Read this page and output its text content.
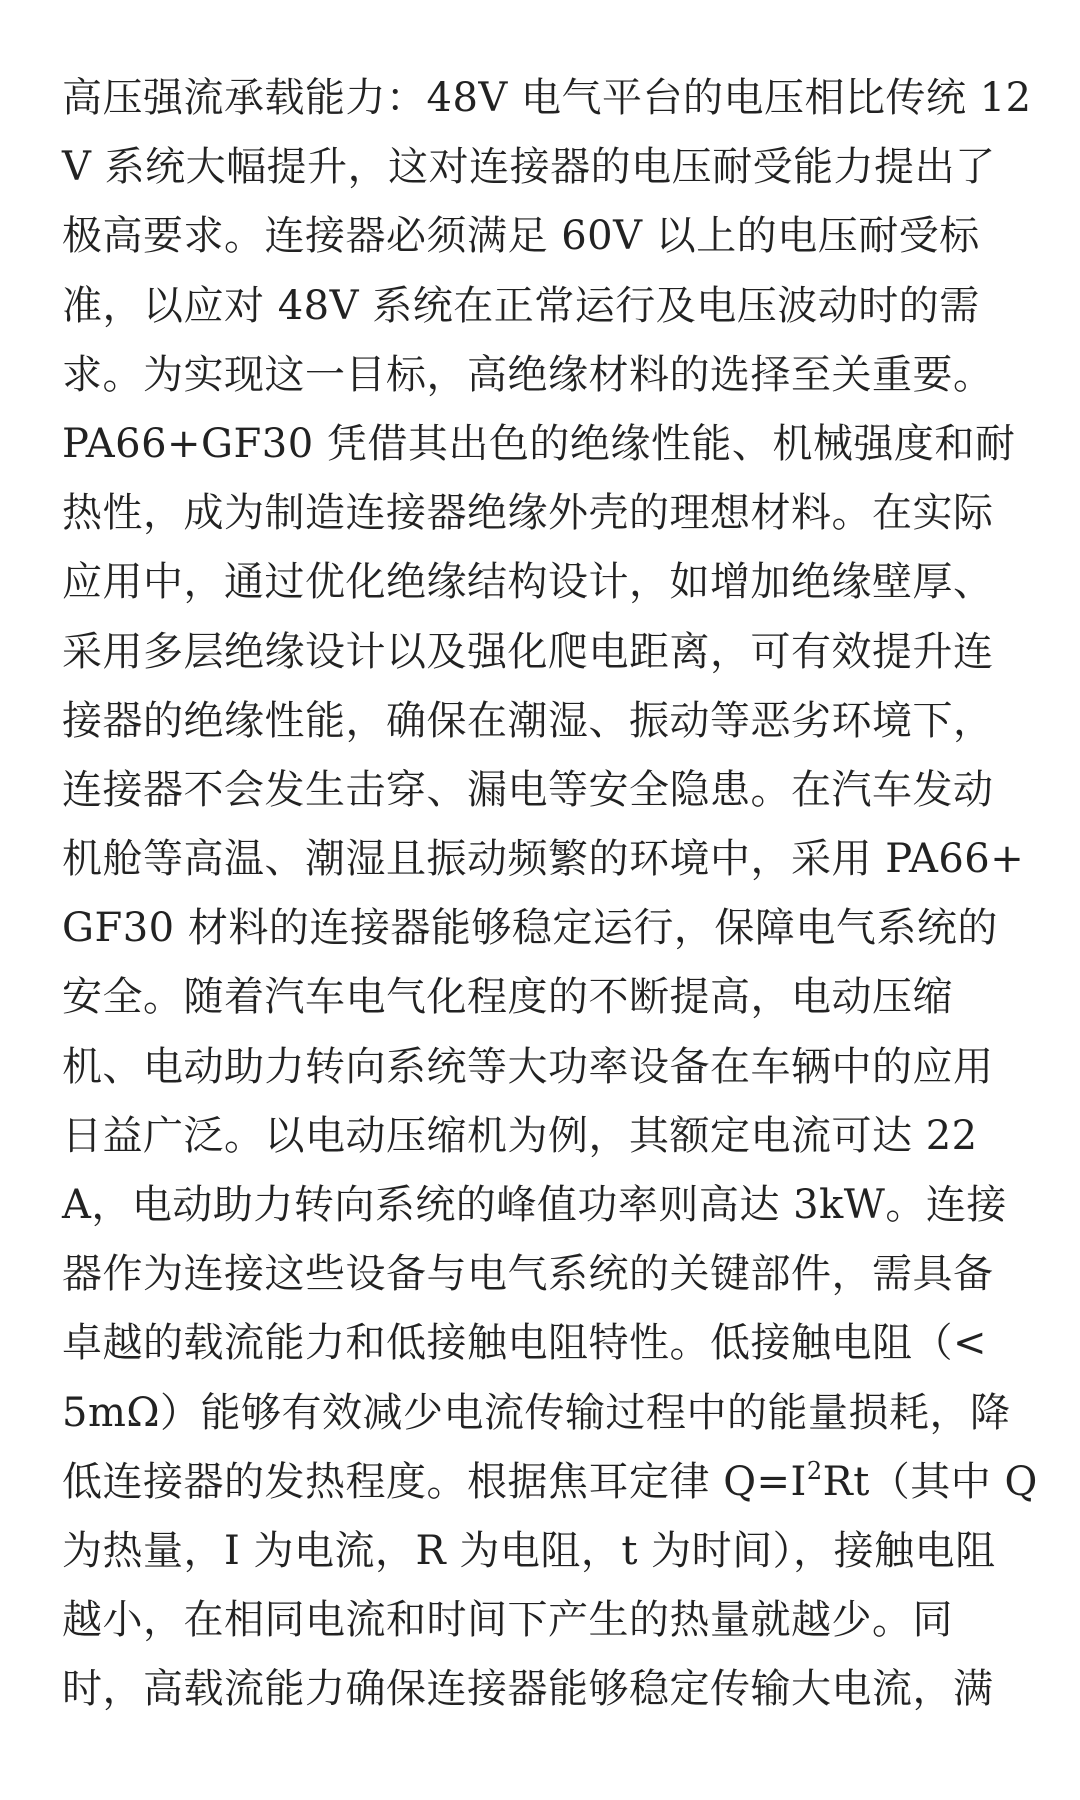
高压强流承载能力：48V 电气平台的电压相比传统 12
V 系统大幅提升，这对连接器的电压耐受能力提出了
极高要求。连接器必须满足 60V 以上的电压耐受标
准，以应对 48V 系统在正常运行及电压波动时的需
求。为实现这一目标，高绝缘材料的选择至关重要。
PA66+GF30 凭借其出色的绝缘性能、机械强度和耐
热性，成为制造连接器绝缘外壳的理想材料。在实际
应用中，通过优化绝缘结构设计，如增加绝缘壁厚、
采用多层绝缘设计以及强化爬电距离，可有效提升连
接器的绝缘性能，确保在潮湿、振动等恶劣环境下，
连接器不会发生击穿、漏电等安全隐患。在汽车发动
机舱等高温、潮湿且振动频繁的环境中，采用 PA66+
GF30 材料的连接器能够稳定运行，保障电气系统的
安全。随着汽车电气化程度的不断提高，电动压缩
机、电动助力转向系统等大功率设备在车辆中的应用
日益广泛。以电动压缩机为例，其额定电流可达 22
A，电动助力转向系统的峰值功率则高达 3kW。连接
器作为连接这些设备与电气系统的关键部件，需具备
卓越的载流能力和低接触电阻特性。低接触电阻（<
5mΩ）能够有效减少电流传输过程中的能量损耗，降
低连接器的发热程度。根据焦耳定律 $Q=I^2Rt$（其中 Q
为热量，I 为电流，R 为电阻，t 为时间），接触电阻
越小，在相同电流和时间下产生的热量就越少。同
时，高载流能力确保连接器能够稳定传输大电流，满
